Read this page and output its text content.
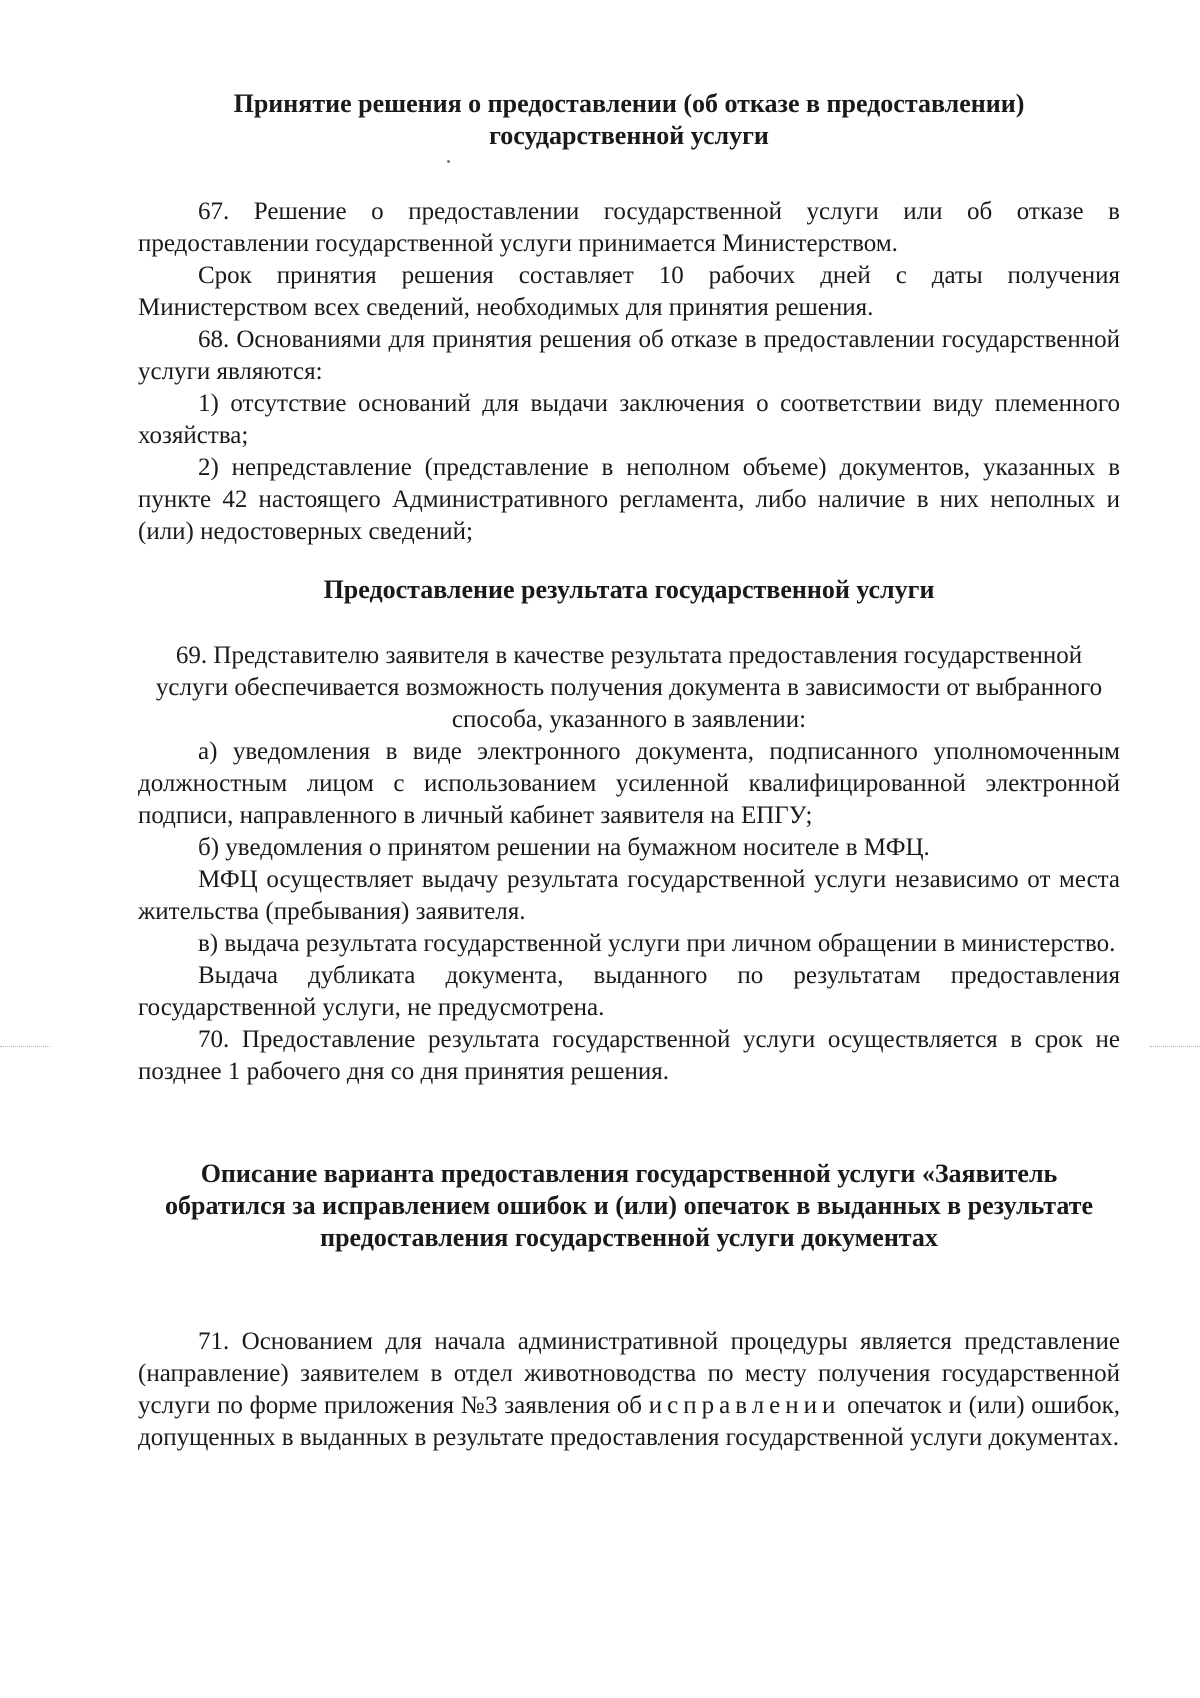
Принятие решения о предоставлении (об отказе в предоставлении) государственной услуги

67. Решение о предоставлении государственной услуги или об отказе в предоставлении государственной услуги принимается Министерством.

Срок принятия решения составляет 10 рабочих дней с даты получения Министерством всех сведений, необходимых для принятия решения.

68. Основаниями для принятия решения об отказе в предоставлении государственной услуги являются:

1) отсутствие оснований для выдачи заключения о соответствии виду племенного хозяйства;

2) непредставление (представление в неполном объеме) документов, указанных в пункте 42 настоящего Административного регламента, либо наличие в них неполных и (или) недостоверных сведений;

Предоставление результата государственной услуги

69. Представителю заявителя в качестве результата предоставления государственной услуги обеспечивается возможность получения документа в зависимости от выбранного способа, указанного в заявлении:

а) уведомления в виде электронного документа, подписанного уполномоченным должностным лицом с использованием усиленной квалифицированной электронной подписи, направленного в личный кабинет заявителя на ЕПГУ;

б) уведомления о принятом решении на бумажном носителе в МФЦ.

МФЦ осуществляет выдачу результата государственной услуги независимо от места жительства (пребывания) заявителя.

в) выдача результата государственной услуги при личном обращении в министерство.

Выдача дубликата документа, выданного по результатам предоставления государственной услуги, не предусмотрена.

70. Предоставление результата государственной услуги осуществляется в срок не позднее 1 рабочего дня со дня принятия решения.

Описание варианта предоставления государственной услуги «Заявитель обратился за исправлением ошибок и (или) опечаток в выданных в результате предоставления государственной услуги документах

71. Основанием для начала административной процедуры является представление (направление) заявителем в отдел животноводства по месту получения государственной услуги по форме приложения №3 заявления об исправлении опечаток и (или) ошибок, допущенных в выданных в результате предоставления государственной услуги документах.
